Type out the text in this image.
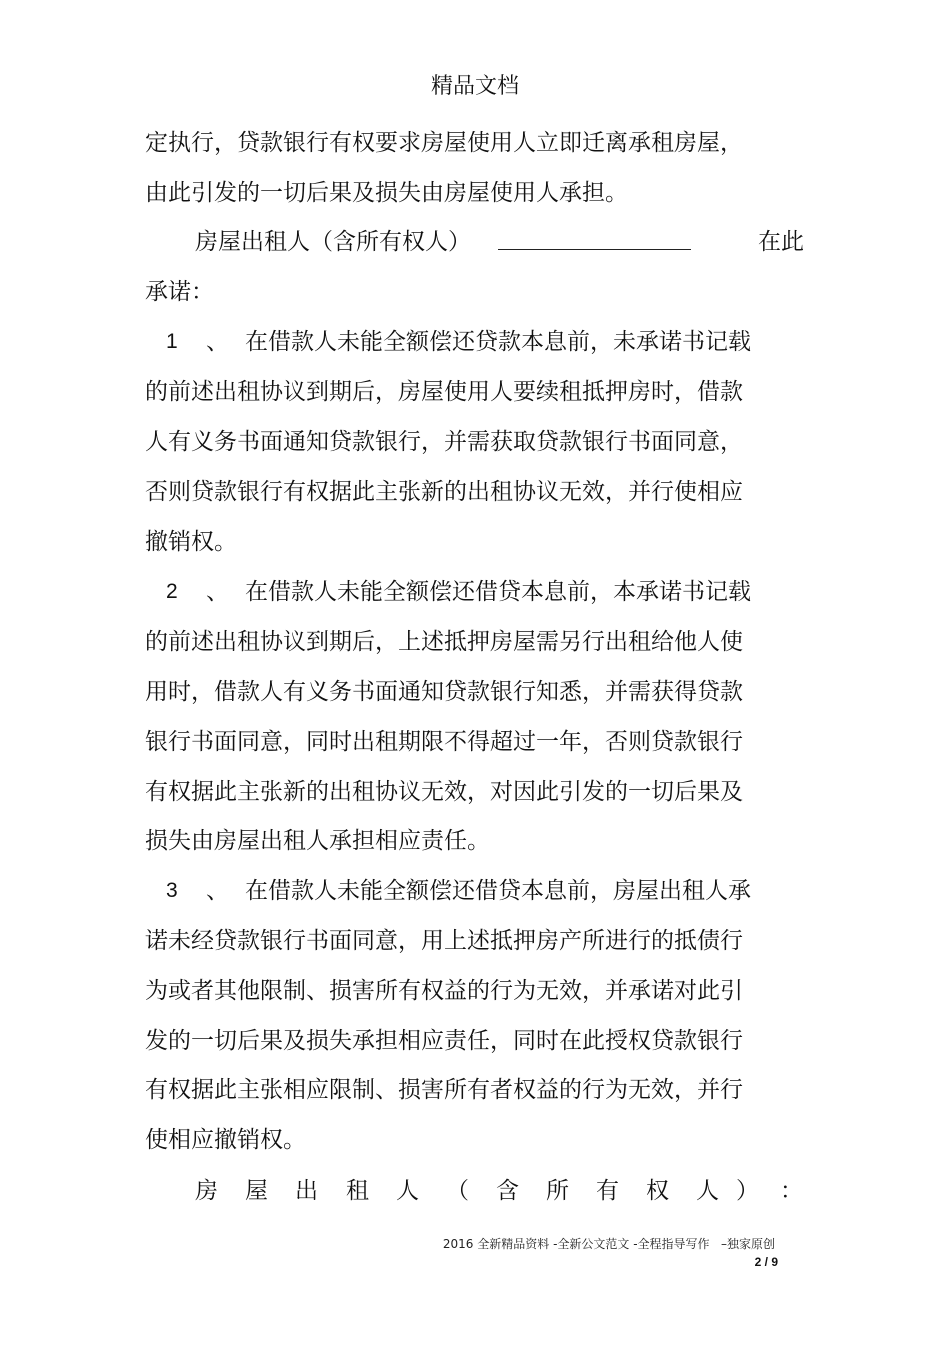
精品文档
定执行，贷款银行有权要求房屋使用人立即迁离承租房屋，
由此引发的一切后果及损失由房屋使用人承担。
房屋出租人（含所有权人）	在此
承诺：
1 、 在借款人未能全额偿还贷款本息前，未承诺书记载
的前述出租协议到期后，房屋使用人要续租抵押房时，借款
人有义务书面通知贷款银行，并需获取贷款银行书面同意，
否则贷款银行有权据此主张新的出租协议无效，并行使相应
撤销权。
2 、 在借款人未能全额偿还借贷本息前，本承诺书记载
的前述出租协议到期后，上述抵押房屋需另行出租给他人使
用时，借款人有义务书面通知贷款银行知悉，并需获得贷款
银行书面同意，同时出租期限不得超过一年，否则贷款银行
有权据此主张新的出租协议无效，对因此引发的一切后果及
损失由房屋出租人承担相应责任。
3 、 在借款人未能全额偿还借贷本息前，房屋出租人承
诺未经贷款银行书面同意，用上述抵押房产所进行的抵债行
为或者其他限制、损害所有权益的行为无效，并承诺对此引
发的一切后果及损失承担相应责任，同时在此授权贷款银行
有权据此主张相应限制、损害所有者权益的行为无效，并行
使相应撤销权。
房 屋 出 租 人 （ 含 所 有 权 人 ） ：
2016 全新精品资料 -全新公文范文 -全程指导写作   –独家原创
2 / 9
